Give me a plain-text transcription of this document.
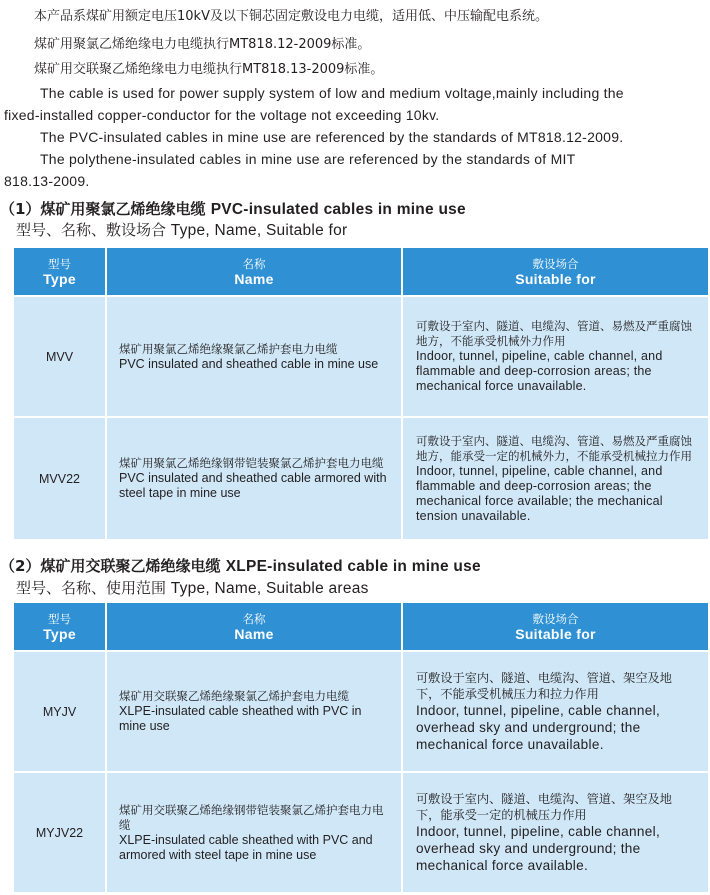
本产品系煤矿用额定电压10kV及以下铜芯固定敷设电力电缆，适用低、中压输配电系统。
煤矿用聚氯乙烯绝缘电力电缆执行MT818.12-2009标准。
煤矿用交联聚乙烯绝缘电力电缆执行MT818.13-2009标准。
The cable is used for power supply system of low and medium voltage,mainly including the
fixed-installed copper-conductor for the voltage not exceeding 10kv.
The PVC-insulated cables in mine use are referenced by the standards of MT818.12-2009.
The polythene-insulated cables in mine use are referenced by the standards of MIT
818.13-2009.
（1）煤矿用聚氯乙烯绝缘电缆 PVC-insulated cables in mine use
型号、名称、敷设场合 Type, Name, Suitable for
型号
Type	名称
Name	敷设场合
Suitable for

MVV	煤矿用聚氯乙烯绝缘聚氯乙烯护套电力电缆
PVC insulated and sheathed cable in mine use	可敷设于室内、隧道、电缆沟、管道、易燃及严重腐蚀地方，不能承受机械外力作用
Indoor, tunnel, pipeline, cable channel, and flammable and deep-corrosion areas; the mechanical force unavailable.

MVV22	煤矿用聚氯乙烯绝缘钢带铠装聚氯乙烯护套电力电缆
PVC insulated and sheathed cable armored with steel tape in mine use	可敷设于室内、隧道、电缆沟、管道、易燃及严重腐蚀地方，能承受一定的机械外力，不能承受机械拉力作用
Indoor, tunnel, pipeline, cable channel, and flammable and deep-corrosion areas; the mechanical force available; the mechanical tension unavailable.
（2）煤矿用交联聚乙烯绝缘电缆 XLPE-insulated cable in mine use
型号、名称、使用范围 Type, Name, Suitable areas
型号
Type	名称
Name	敷设场合
Suitable for

MYJV	煤矿用交联聚乙烯绝缘聚氯乙烯护套电力电缆
XLPE-insulated cable sheathed with PVC in mine use	可敷设于室内、隧道、电缆沟、管道、架空及地下，不能承受机械压力和拉力作用
Indoor, tunnel, pipeline, cable channel, overhead sky and underground; the mechanical force unavailable.

MYJV22	煤矿用交联聚乙烯绝缘钢带铠装聚氯乙烯护套电力电缆
XLPE-insulated cable sheathed with PVC and armored with steel tape in mine use	可敷设于室内、隧道、电缆沟、管道、架空及地下，能承受一定的机械压力作用
Indoor, tunnel, pipeline, cable channel, overhead sky and underground; the mechanical force available.
